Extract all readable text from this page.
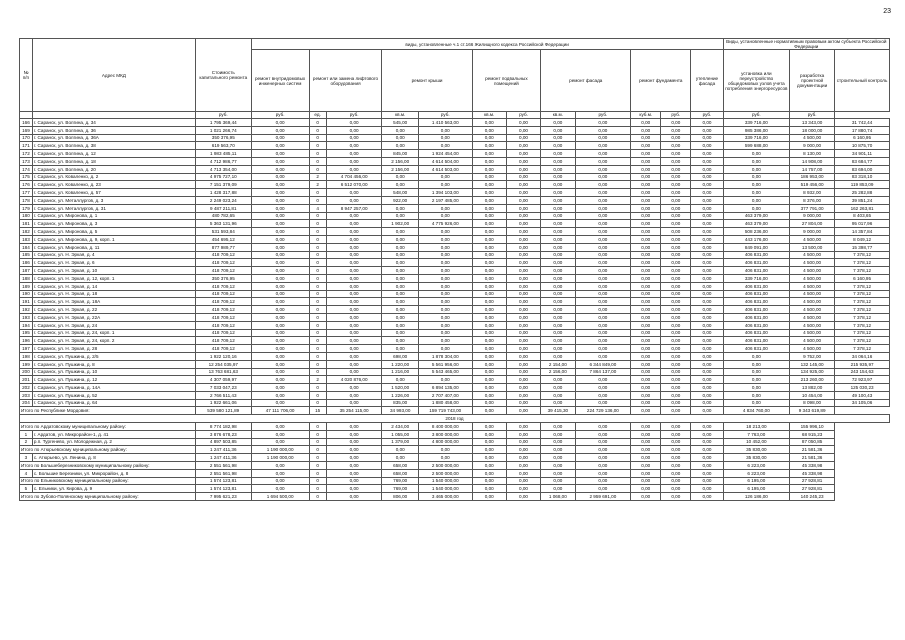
23
№ п/п	Адрес МКД	Стоимость капитального ремонта	виды, установленные ч.1 ст.166 Жилищного кодекса Российской Федерации												Виды, установленные нормативным правовым актом субъекта Российской Федерации		
			ремонт внутридомовых инженерных систем	ремонт или замена лифтового оборудования		ремонт крыши		ремонт подвальных помещений		ремонт фасада		ремонт фундамента		утепление фасада	установка или переустройство общедомовых узлов учета потребления энергоресурсов	разработка проектной документации	строительный контроль
		руб.	руб.	ед.	руб.	кв.м.	руб.	кв.м.	руб.	кв.м.	руб.	куб.м.	руб.	руб.	руб.	руб.	
166	г. Саранск, ул. Волгина, д. 34	1 795 369,44	0,00	0	0,00	545,00	1 410 563,00	0,00	0,00	0,00	0,00	0,00	0,00	0,00	339 716,00	13 343,00	31 742,44
169	г. Саранск, ул. Волгина, д. 36	1 021 266,74	0,00	0	0,00	0,00	0,00	0,00	0,00	0,00	0,00	0,00	0,00	0,00	985 386,00	18 000,00	17 880,74
170	г. Саранск, ул. Волгина, д. 36А	350 376,95	0,00	0	0,00	0,00	0,00	0,00	0,00	0,00	0,00	0,00	0,00	0,00	339 716,00	4 500,00	6 160,95
171	г. Саранск, ул. Волгина, д. 38	619 563,70	0,00	0	0,00	0,00	0,00	0,00	0,00	0,00	0,00	0,00	0,00	0,00	599 688,00	9 000,00	10 875,70
172	г. Саранск, ул. Волгина, д. 12	1 983 485,11	0,00	0	0,00	845,00	1 924 454,00	0,00	0,00	0,00	0,00	0,00	0,00	0,00	0,00	8 130,00	34 901,11
173	г. Саранск, ул. Волгина, д. 18	4 712 986,77	0,00	0	0,00	2 156,00	4 614 504,00	0,00	0,00	0,00	0,00	0,00	0,00	0,00	0,00	14 908,00	83 684,77
174	г. Саранск, ул. Волгина, д. 20	4 713 354,00	0,00	0	0,00	2 156,00	4 614 503,00	0,00	0,00	0,00	0,00	0,00	0,00	0,00	0,00	14 757,00	83 694,00
175	г. Саранск, ул. Коваленко, д. 2	4 975 727,10	0,00	2	4 704 456,00	0,00	0,00	0,00	0,00	0,00	0,00	0,00	0,00	0,00	0,00	186 953,00	83 318,10
176	г. Саранск, ул. Коваленко, д. 23	7 151 379,09	0,00	2	6 512 070,00	0,00	0,00	0,00	0,00	0,00	0,00	0,00	0,00	0,00	0,00	519 456,00	119 853,09
177	г. Саранск, ул. Коваленко, д. 57	1 428 317,88	0,00	0	0,00	548,00	1 394 103,00	0,00	0,00	0,00	0,00	0,00	0,00	0,00	0,00	8 932,00	25 282,88
178	г. Саранск, ул. Металлургов, д. 3	2 249 023,24	0,00	0	0,00	922,00	2 197 485,00	0,00	0,00	0,00	0,00	0,00	0,00	0,00	0,00	8 376,00	39 851,24
179	г. Саранск, ул. Металлургов, д. 31	9 487 211,81	0,00	4	8 947 257,00	0,00	0,00	0,00	0,00	0,00	0,00	0,00	0,00	0,00	0,00	377 791,00	162 263,81
180	г. Саранск, ул. Миронова, д. 1	480 782,65	0,00	0	0,00	0,00	0,00	0,00	0,00	0,00	0,00	0,00	0,00	0,00	463 379,00	9 000,00	8 403,65
181	г. Саранск, ул. Миронова, д. 3	5 363 131,96	0,00	0	0,00	1 902,00	4 775 926,00	0,00	0,00	0,00	0,00	0,00	0,00	0,00	463 379,00	27 804,00	95 017,96
182	г. Саранск, ул. Миронова, д. 5	531 593,84	0,00	0	0,00	0,00	0,00	0,00	0,00	0,00	0,00	0,00	0,00	0,00	508 236,00	9 000,00	14 357,84
183	г. Саранск, ул. Миронова, д. 9, корп. 1	454 695,12	0,00	0	0,00	0,00	0,00	0,00	0,00	0,00	0,00	0,00	0,00	0,00	443 176,00	4 500,00	8 049,12
184	г. Саранск, ул. Миронова, д. 11	877 989,77	0,00	0	0,00	0,00	0,00	0,00	0,00	0,00	0,00	0,00	0,00	0,00	849 091,00	13 500,00	15 398,77
185	г. Саранск, ул. Н. Эркая, д. 4	418 709,12	0,00	0	0,00	0,00	0,00	0,00	0,00	0,00	0,00	0,00	0,00	0,00	406 831,00	4 500,00	7 378,12
186	г. Саранск, ул. Н. Эркая, д. 6	418 709,12	0,00	0	0,00	0,00	0,00	0,00	0,00	0,00	0,00	0,00	0,00	0,00	406 831,00	4 500,00	7 378,12
187	г. Саранск, ул. Н. Эркая, д. 10	418 709,12	0,00	0	0,00	0,00	0,00	0,00	0,00	0,00	0,00	0,00	0,00	0,00	406 831,00	4 500,00	7 378,12
188	г. Саранск, ул. Н. Эркая, д. 12, корп. 1	350 376,95	0,00	0	0,00	0,00	0,00	0,00	0,00	0,00	0,00	0,00	0,00	0,00	339 716,00	4 500,00	6 160,95
189	г. Саранск, ул. Н. Эркая, д. 14	418 709,12	0,00	0	0,00	0,00	0,00	0,00	0,00	0,00	0,00	0,00	0,00	0,00	406 831,00	4 500,00	7 378,12
190	г. Саранск, ул. Н. Эркая, д. 18	418 709,12	0,00	0	0,00	0,00	0,00	0,00	0,00	0,00	0,00	0,00	0,00	0,00	406 831,00	4 500,00	7 378,12
191	г. Саранск, ул. Н. Эркая, д. 18А	418 709,12	0,00	0	0,00	0,00	0,00	0,00	0,00	0,00	0,00	0,00	0,00	0,00	406 831,00	4 500,00	7 378,12
192	г. Саранск, ул. Н. Эркая, д. 22	418 709,12	0,00	0	0,00	0,00	0,00	0,00	0,00	0,00	0,00	0,00	0,00	0,00	406 831,00	4 500,00	7 378,12
193	г. Саранск, ул. Н. Эркая, д. 22А	418 709,12	0,00	0	0,00	0,00	0,00	0,00	0,00	0,00	0,00	0,00	0,00	0,00	406 831,00	4 500,00	7 378,12
194	г. Саранск, ул. Н. Эркая, д. 24	418 709,12	0,00	0	0,00	0,00	0,00	0,00	0,00	0,00	0,00	0,00	0,00	0,00	406 831,00	4 500,00	7 378,12
195	г. Саранск, ул. Н. Эркая, д. 24, корп. 1	418 709,12	0,00	0	0,00	0,00	0,00	0,00	0,00	0,00	0,00	0,00	0,00	0,00	406 831,00	4 500,00	7 378,12
196	г. Саранск, ул. Н. Эркая, д. 24, корп. 2	418 709,12	0,00	0	0,00	0,00	0,00	0,00	0,00	0,00	0,00	0,00	0,00	0,00	406 831,00	4 500,00	7 378,12
197	г. Саранск, ул. Н. Эркая, д. 28	418 709,12	0,00	0	0,00	0,00	0,00	0,00	0,00	0,00	0,00	0,00	0,00	0,00	406 831,00	4 500,00	7 378,12
198	г. Саранск, ул. Пушкина, д. 2/5	1 922 120,16	0,00	0	0,00	698,00	1 878 304,00	0,00	0,00	0,00	0,00	0,00	0,00	0,00	0,00	9 752,00	34 064,16
199	г. Саранск, ул. Пушкина, д. 8	12 254 035,97	0,00	0	0,00	1 220,00	5 561 956,00	0,00	0,00	2 154,00	6 344 849,00	0,00	0,00	0,00	0,00	132 145,00	215 935,97
200	г. Саранск, ул. Пушкина, д. 10	13 763 681,63	0,00	0	0,00	1 216,00	5 543 465,00	0,00	0,00	2 156,00	7 864 137,00	0,00	0,00	0,00	0,00	134 925,00	243 154,63
201	г. Саранск, ул. Пушкина, д. 12	4 307 059,97	0,00	2	4 020 876,00	0,00	0,00	0,00	0,00	0,00	0,00	0,00	0,00	0,00	0,00	213 260,00	72 923,97
202	г. Саранск, ул. Пушкина, д. 14А	7 033 047,23	0,00	0	0,00	1 520,00	6 894 135,00	0,00	0,00	0,00	0,00	0,00	0,00	0,00	0,00	13 882,00	125 030,23
203	г. Саранск, ул. Пушкина, д. 52	2 766 511,43	0,00	0	0,00	1 226,00	2 707 407,00	0,00	0,00	0,00	0,00	0,00	0,00	0,00	0,00	10 454,00	49 100,43
204	г. Саранск, ул. Пушкина, д. 64	1 922 661,06	0,00	0	0,00	835,00	1 880 458,00	0,00	0,00	0,00	0,00	0,00	0,00	0,00	0,00	8 098,00	34 105,06
Итого по Республике Мордовия:		539 580 121,89	47 111 706,00	15	35 254 115,00	34 993,00	159 719 743,00	0,00	0,00	39 415,30	224 729 136,00	0,00	0,00	0,00	4 834 760,00	9 343 619,89	
2018 год																	
Итого по Ардатовскому муниципальному району:		8 774 182,98	0,00	0	0,00	2 434,00	8 400 000,00	0,00	0,00	0,00	0,00	0,00	0,00	0,00	18 213,00	155 996,10	
1	г. Ардатов, ул. Микрорайон-1, д. 41	3 876 678,23	0,00	0	0,00	1 055,00	3 800 000,00	0,00	0,00	0,00	0,00	0,00	0,00	0,00	7 763,00	68 915,23	
2	р.п. Тургенево, ул. Молодежная, д. 2	4 897 503,85	0,00	0	0,00	1 379,00	4 800 000,00	0,00	0,00	0,00	0,00	0,00	0,00	0,00	10 452,00	87 050,85	
Итого по Атюрьевскому муниципальному району:		1 247 411,36	1 190 000,00	0	0,00	0,00	0,00	0,00	0,00	0,00	0,00	0,00	0,00	0,00	35 830,00	21 581,36	
3	с. Атюрьево, ул. Ленина, д. 8	1 247 411,36	1 190 000,00	0	0,00	0,00	0,00	0,00	0,00	0,00	0,00	0,00	0,00	0,00	35 830,00	21 581,36	
Итого по Большеберезниковскому муниципальному району:		2 551 561,98	0,00	0	0,00	658,00	2 500 000,00	0,00	0,00	0,00	0,00	0,00	0,00	0,00	6 223,00	45 338,98	
4	с. Большие Березники, ул. Микрорайон, д. 8	2 551 561,98	0,00	0	0,00	658,00	2 500 000,00	0,00	0,00	0,00	0,00	0,00	0,00	0,00	6 223,00	45 338,98	
Итого по Ельниковскому муниципальному району:		1 574 123,81	0,00	0	0,00	769,00	1 540 000,00	0,00	0,00	0,00	0,00	0,00	0,00	0,00	6 195,00	27 928,81	
5	с. Ельники, ул. Кирова, д. 9	1 574 123,81	0,00	0	0,00	769,00	1 540 000,00	0,00	0,00	0,00	0,00	0,00	0,00	0,00	6 195,00	27 928,81	
Итого по Зубово-Полянскому муниципальному району:		7 995 621,23	1 694 500,00	0	0,00	806,00	3 465 000,00	0,00	0,00	1 068,00	2 959 691,00	0,00	0,00	0,00	126 186,00	140 245,23	
